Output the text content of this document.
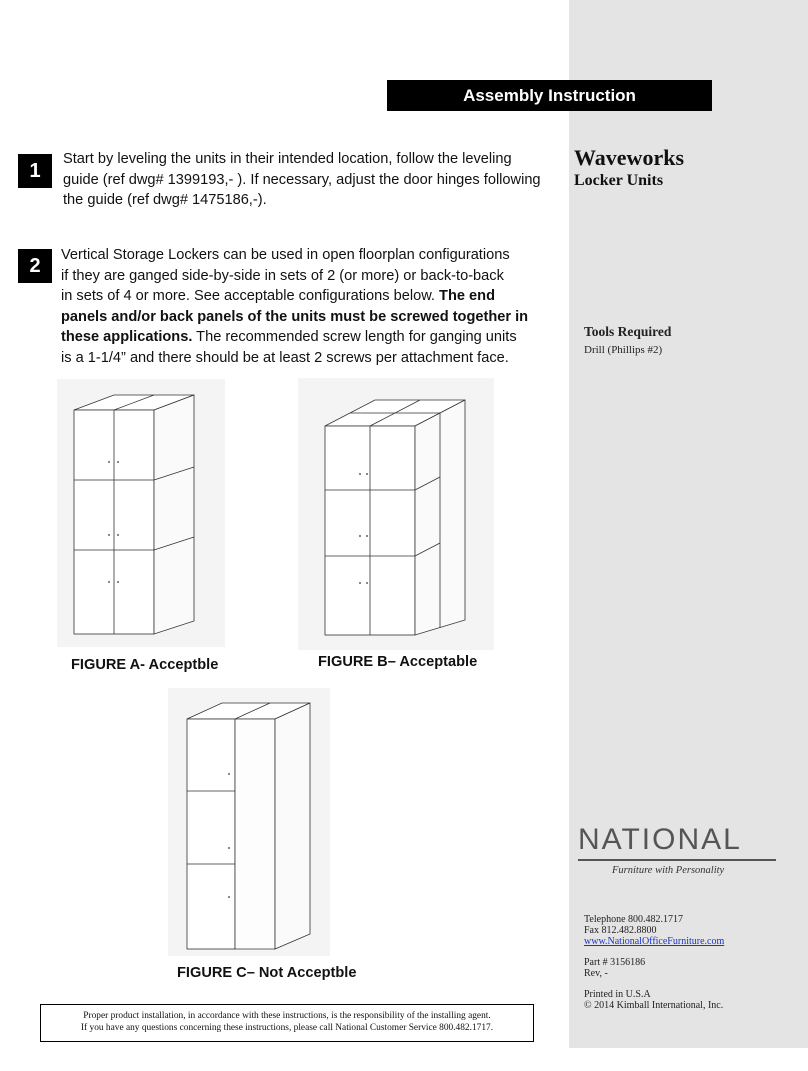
Assembly Instruction
1
Start by leveling the units in their intended location, follow the leveling
guide (ref dwg# 1399193,- ). If necessary, adjust the door hinges following
the guide (ref dwg# 1475186,-).
2	Vertical Storage Lockers can be used in open floorplan configurations
if they are ganged side-by-side in sets of 2 (or more) or back-to-back
in sets of 4 or more. See acceptable configurations below. The end
panels and/or back panels of the units must be screwed together in
these applications. The recommended screw length for ganging units
is a 1-1/4” and there should be at least 2 screws per attachment face.
Waveworks
Locker Units
Tools Required
Drill (Phillips #2)
NATIONAL
Furniture with Personality
Telephone 800.482.1717
Fax 812.482.8800
www.NationalOfficeFurniture.com
Part # 3156186
Rev, -
Printed in U.S.A
© 2014 Kimball International, Inc.
FIGURE A- Acceptble	FIGURE B– Acceptable
FIGURE C– Not Acceptble
Proper product installation, in accordance with these instructions, is the responsibility of the installing agent.
If you have any questions concerning these instructions, please call National Customer Service 800.482.1717.
